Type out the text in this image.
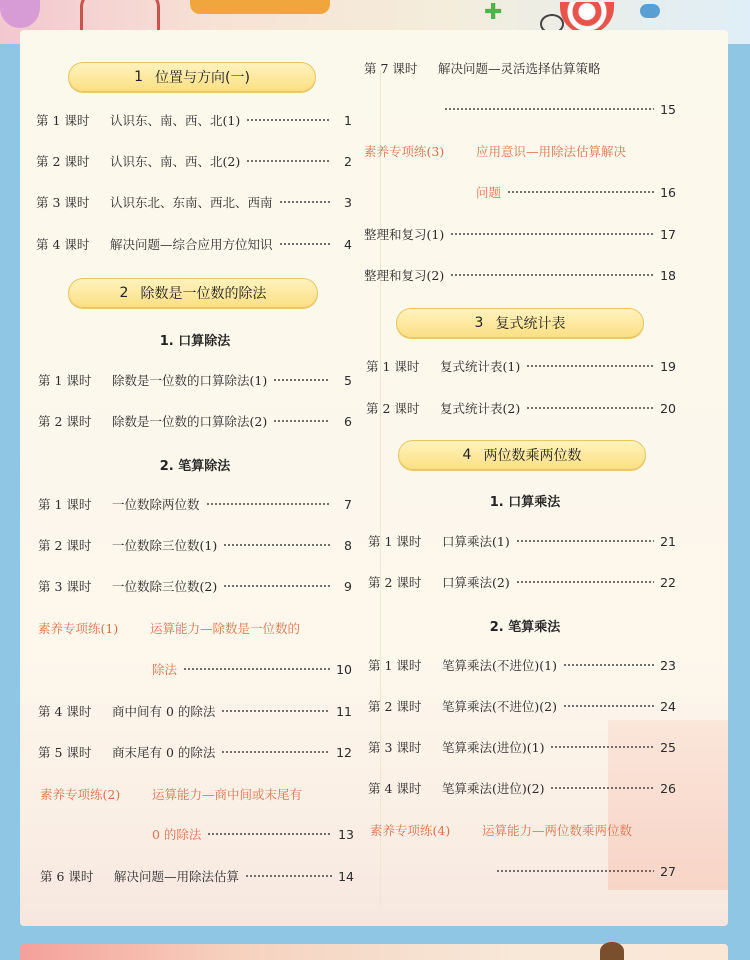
✚
1 位置与方向(一)
第 1 课时	认识东、南、西、北(1)	1
第 2 课时	认识东、南、西、北(2)	2
第 3 课时	认识东北、东南、西北、西南	3
第 4 课时	解决问题—综合应用方位知识	4
2 除数是一位数的除法
1. 口算除法
第 1 课时	除数是一位数的口算除法(1)	5
第 2 课时	除数是一位数的口算除法(2)	6
2. 笔算除法
第 1 课时	一位数除两位数	7
第 2 课时	一位数除三位数(1)	8
第 3 课时	一位数除三位数(2)	9
素养专项练(1)	运算能力—除数是一位数的
除法	10
第 4 课时	商中间有 0 的除法	11
第 5 课时	商末尾有 0 的除法	12
素养专项练(2)	运算能力—商中间或末尾有
0 的除法	13
第 6 课时	解决问题—用除法估算	14
第 7 课时	解决问题—灵活选择估算策略
15
素养专项练(3)	应用意识—用除法估算解决
问题	16
整理和复习(1)	17
整理和复习(2)	18
3 复式统计表
第 1 课时	复式统计表(1)	19
第 2 课时	复式统计表(2)	20
4 两位数乘两位数
1. 口算乘法
第 1 课时	口算乘法(1)	21
第 2 课时	口算乘法(2)	22
2. 笔算乘法
第 1 课时	笔算乘法(不进位)(1)	23
第 2 课时	笔算乘法(不进位)(2)	24
第 3 课时	笔算乘法(进位)(1)	25
第 4 课时	笔算乘法(进位)(2)	26
素养专项练(4)	运算能力—两位数乘两位数
27
